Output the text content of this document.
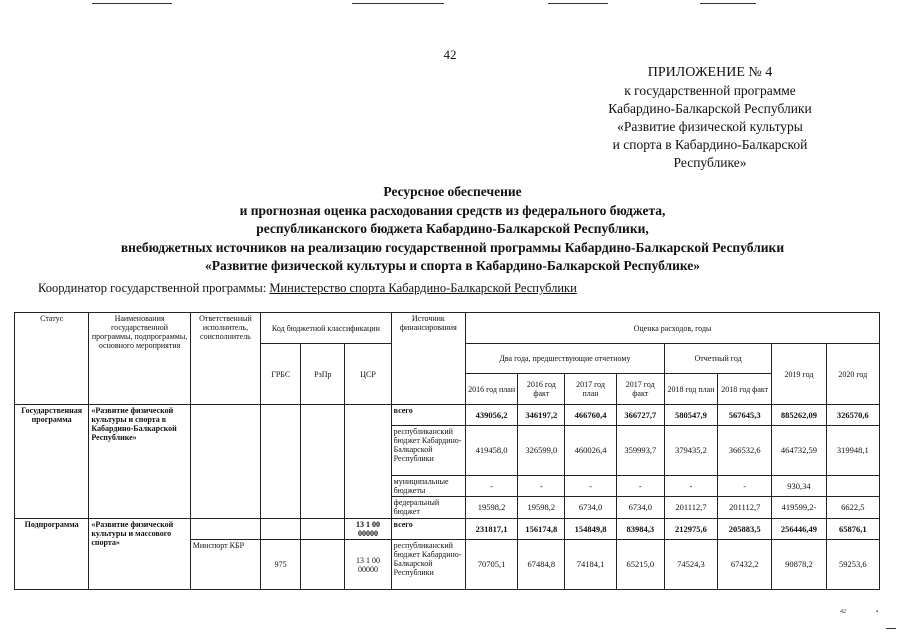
42
ПРИЛОЖЕНИЕ № 4
к государственной программе
Кабардино-Балкарской Республики
«Развитие физической культуры
и спорта в Кабардино-Балкарской
Республике»
Ресурсное обеспечение
и прогнозная оценка расходования средств из федерального бюджета,
республиканского бюджета Кабардино-Балкарской Республики,
внебюджетных источников на реализацию государственной программы Кабардино-Балкарской Республики
«Развитие физической культуры и спорта в Кабардино-Балкарской Республике»
Координатор государственной программы: Министерство спорта Кабардино-Балкарской Республики
Статус	Наименования государственной программы, подпрограммы, основного мероприятия	Ответственный исполнитель, соисполнитель	Код бюджетной классификации			Источник финансирования	Оценка расходов, годы							
			ГРБС	РзПр	ЦСР		Два года, предшествующие отчетному				Отчетный год		2019 год	2020 год
							2016 год план	2016 год факт	2017 год план	2017 год факт	2018 год план	2018 год факт		
Государственная программа	«Развитие физической культуры и спорта в Кабардино-Балкарской Республике»					всего	439056,2	346197,2	466760,4	366727,7	580547,9	567645,3	885262,09	326570,6
						республиканский бюджет Кабардино-Балкарской Республики	419458,0	326599,0	460026,4	359993,7	379435,2	366532,6	464732,59	319948,1
						муниципальные бюджеты	-	-	-	-	-	-	930,34	
						федеральный бюджет	19598,2	19598,2	6734,0	6734,0	201112,7	201112,7	419599,2-	6622,5
Подпрограмма	«Развитие физической культуры и массового спорта»				13 1 00 00000	всего	231817,1	156174,8	154849,8	83984,3	212975,6	205883,5	256446,49	65876,1
		Минспорт КБР	975		13 1 00 00000	республиканский бюджет Кабардино-Балкарской Республики	70705,1	67484,8	74184,1	65215,0	74524,3	67432,2	90878,2	59253,6
42	▪
